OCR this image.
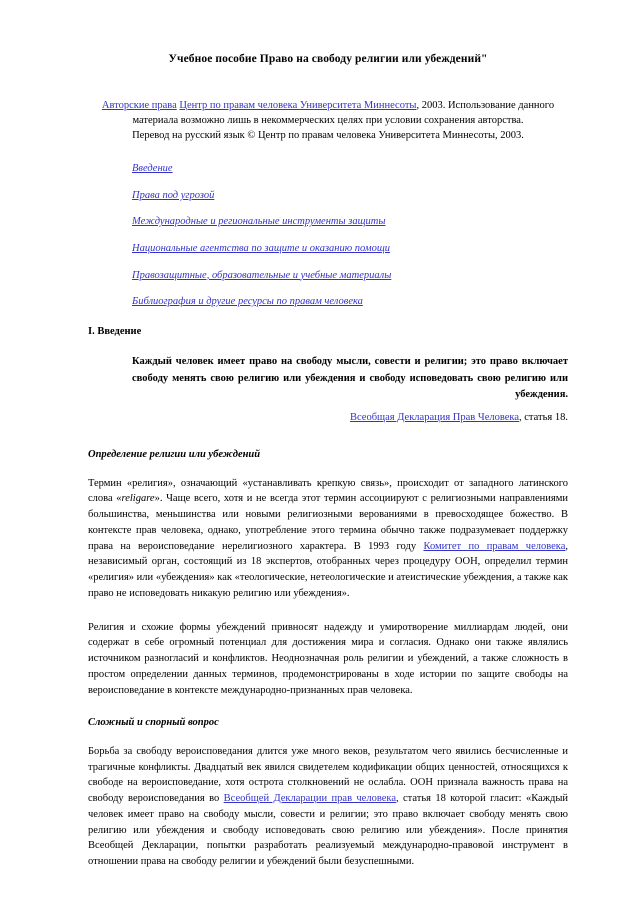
Учебное пособие Право на свободу религии или убеждений"

Авторские права Центр по правам человека Университета Миннесоты, 2003. Использование данного материала возможно лишь в некоммерческих целях при условии сохранения авторства.
Перевод на русский язык © Центр по правам человека Университета Миннесоты, 2003.

Введение
Права под угрозой
Международные и региональные инструменты защиты
Национальные агентства по защите и оказанию помощи
Правозащитные, образовательные и учебные материалы
Библиография и другие ресурсы по правам человека
I. Введение
Каждый человек имеет право на свободу мысли, совести и религии; это право включает свободу менять свою религию или убеждения и свободу исповедовать свою религию или убеждения.

Всеобщая Декларация Прав Человека, статья 18.

Определение религии или убеждений

Термин «религия», означающий «устанавливать крепкую связь», происходит от западного латинского слова «religare». Чаще всего, хотя и не всегда этот термин ассоциируют с религиозными направлениями большинства, меньшинства или новыми религиозными верованиями в превосходящее божество. В контексте прав человека, однако, употребление этого термина обычно также подразумевает поддержку права на вероисповедание нерелигиозного характера. В 1993 году Комитет по правам человека, независимый орган, состоящий из 18 экспертов, отобранных через процедуру ООН, определил термин «религия» или «убеждения» как «теологические, нетеологические и атеистические убеждения, а также как право не исповедовать никакую религию или убеждения».

Религия и схожие формы убеждений привносят надежду и умиротворение миллиардам людей, они содержат в себе огромный потенциал для достижения мира и согласия. Однако они также являлись источником разногласий и конфликтов. Неоднозначная роль религии и убеждений, а также сложность в простом определении данных терминов, продемонстрированы в ходе истории по защите свободы на вероисповедание в контексте международно-признанных прав человека.

Сложный и спорный вопрос

Борьба за свободу вероисповедания длится уже много веков, результатом чего явились бесчисленные и трагичные конфликты. Двадцатый век явился свидетелем кодификации общих ценностей, относящихся к свободе на вероисповедание, хотя острота столкновений не ослабла. ООН признала важность права на свободу вероисповедания во Всеобщей Декларации прав человека, статья 18 которой гласит: «Каждый человек имеет право на свободу мысли, совести и религии; это право включает свободу менять свою религию или убеждения и свободу исповедовать свою религию или убеждения». После принятия Всеобщей Декларации, попытки разработать реализуемый международно-правовой инструмент в отношении права на свободу религии и убеждений были безуспешными.
